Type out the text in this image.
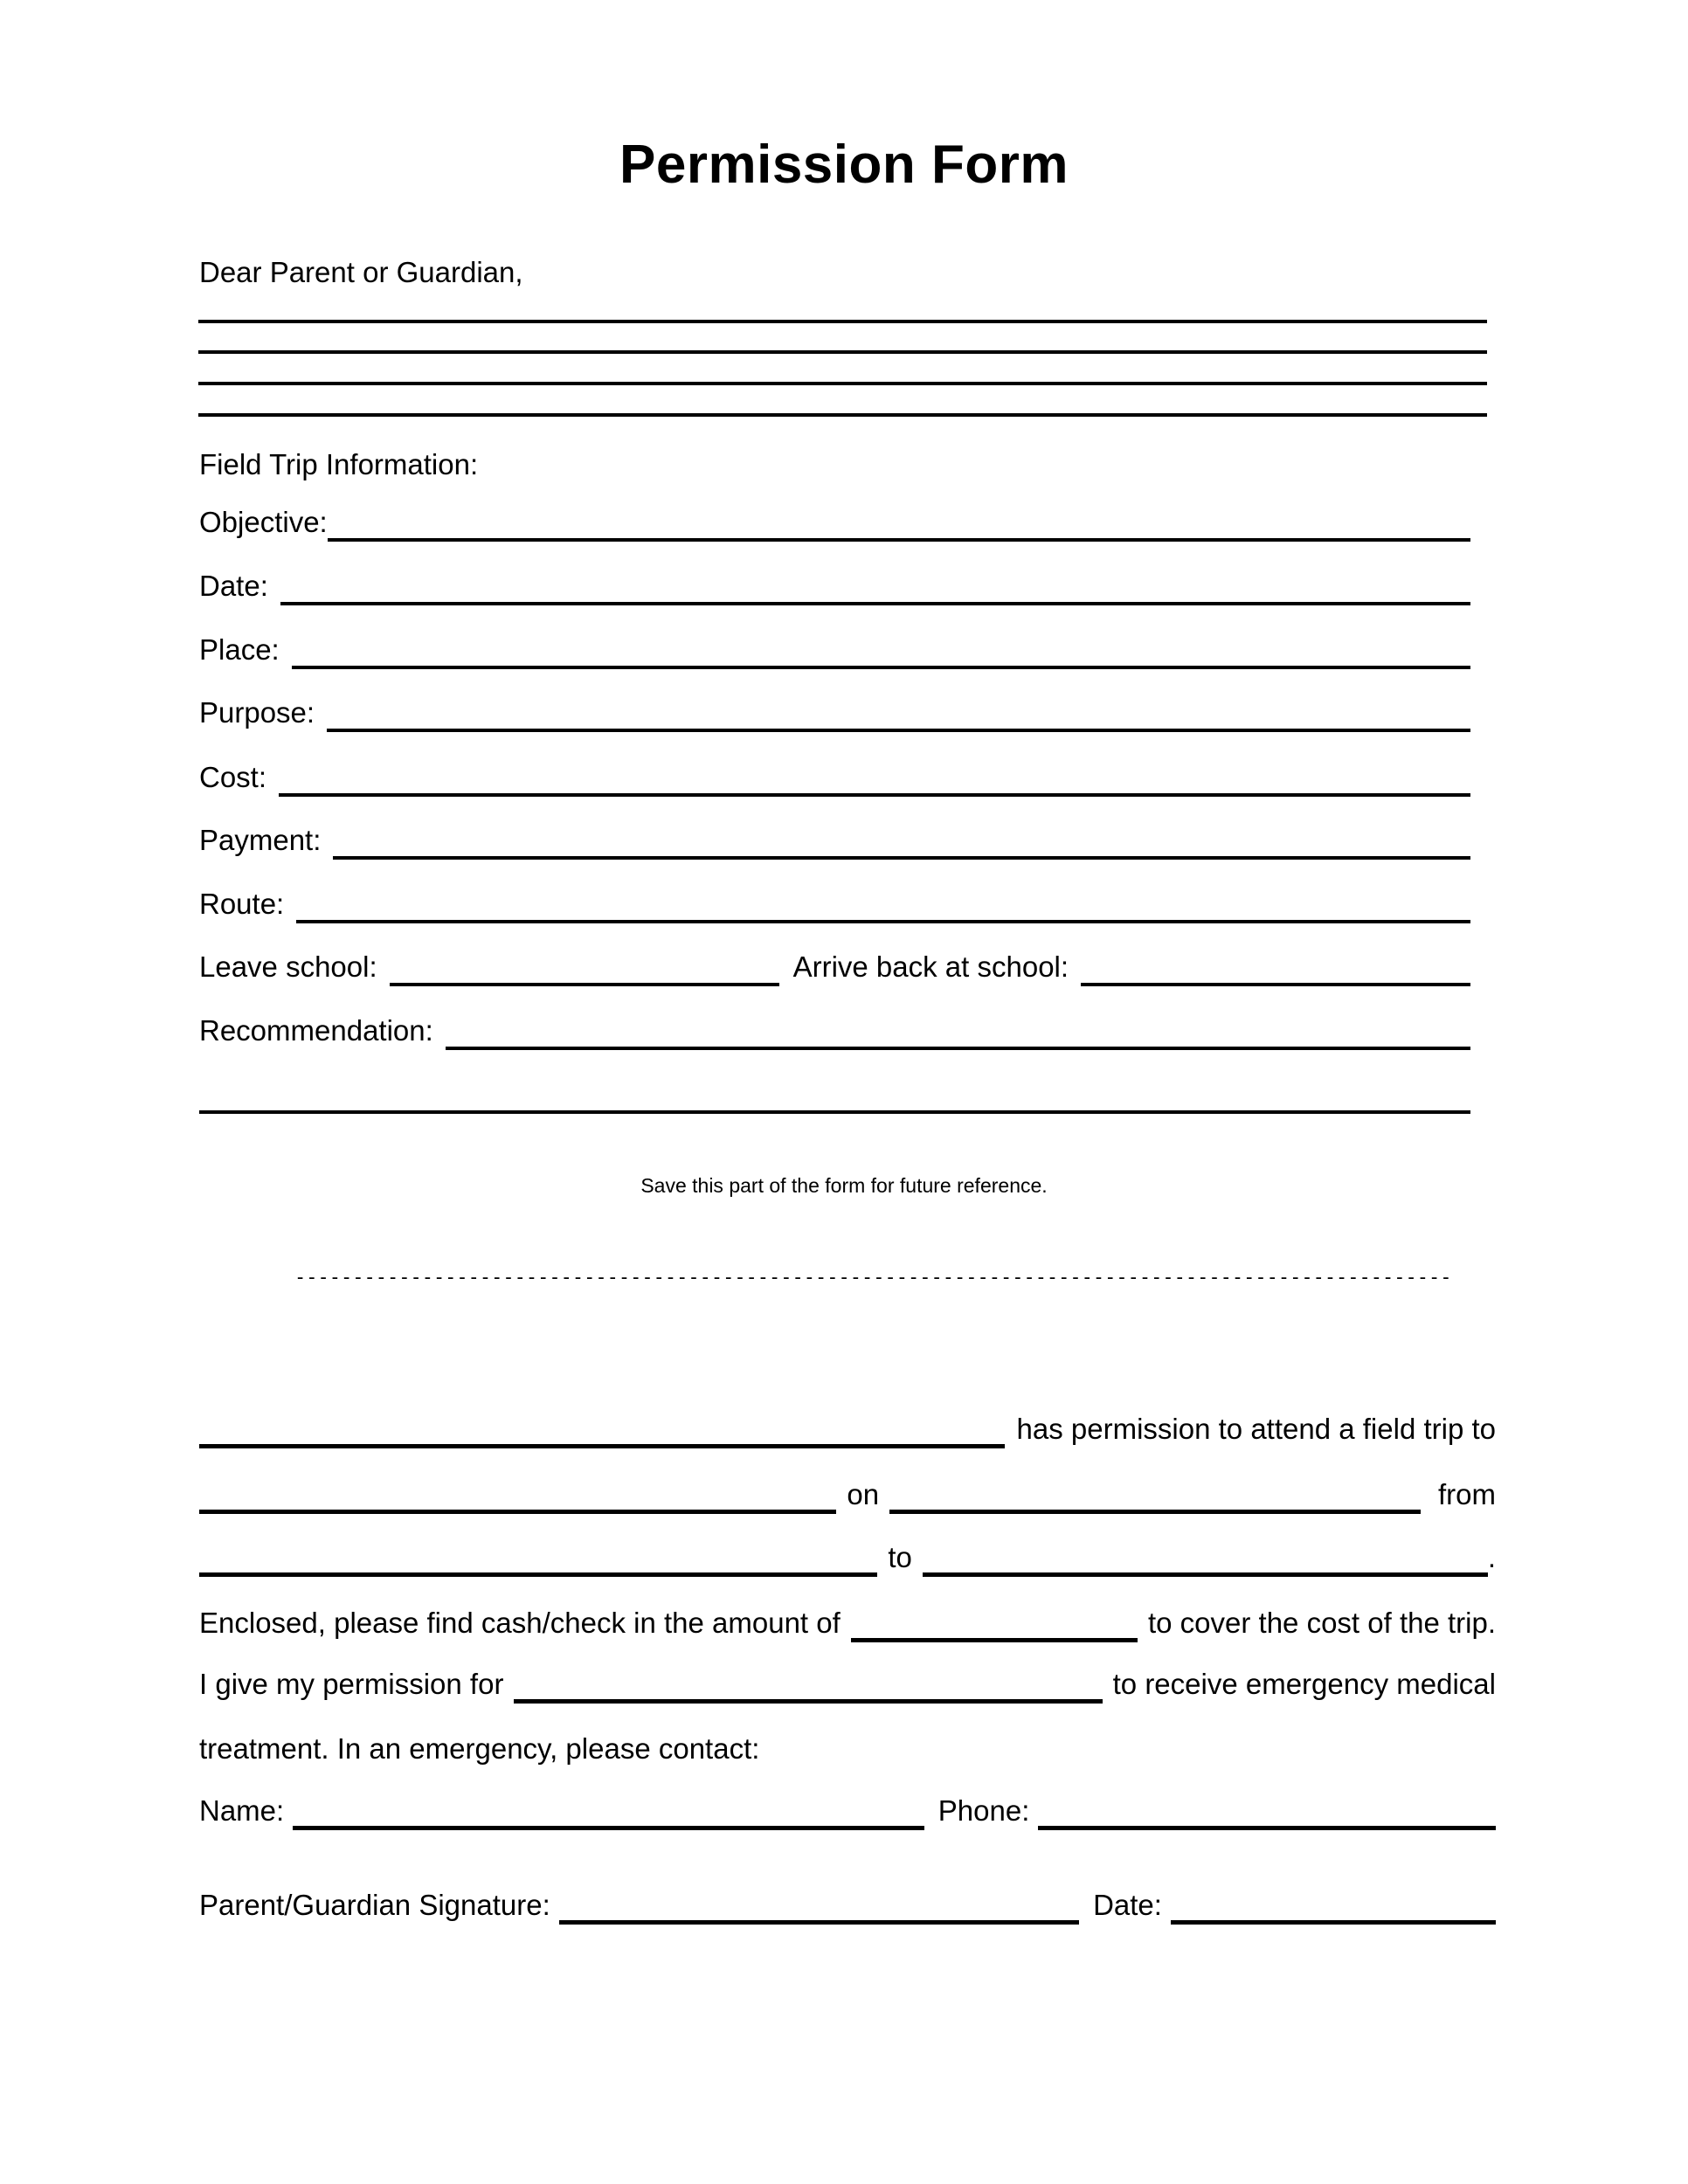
Permission Form
Dear Parent or Guardian,
Field Trip Information:
Objective:
Date:
Place:
Purpose:
Cost:
Payment:
Route:
Leave school:	Arrive back at school:
Recommendation:
Save this part of the form for future reference.
----------------------------------------------------------------------------------------------------
has permission to attend a field trip to
on	from
to	.
Enclosed, please find cash/check in the amount of	to cover the cost of the trip.
I give my permission for	to receive emergency medical
treatment. In an emergency, please contact:
Name:	Phone:
Parent/Guardian Signature:	Date:
